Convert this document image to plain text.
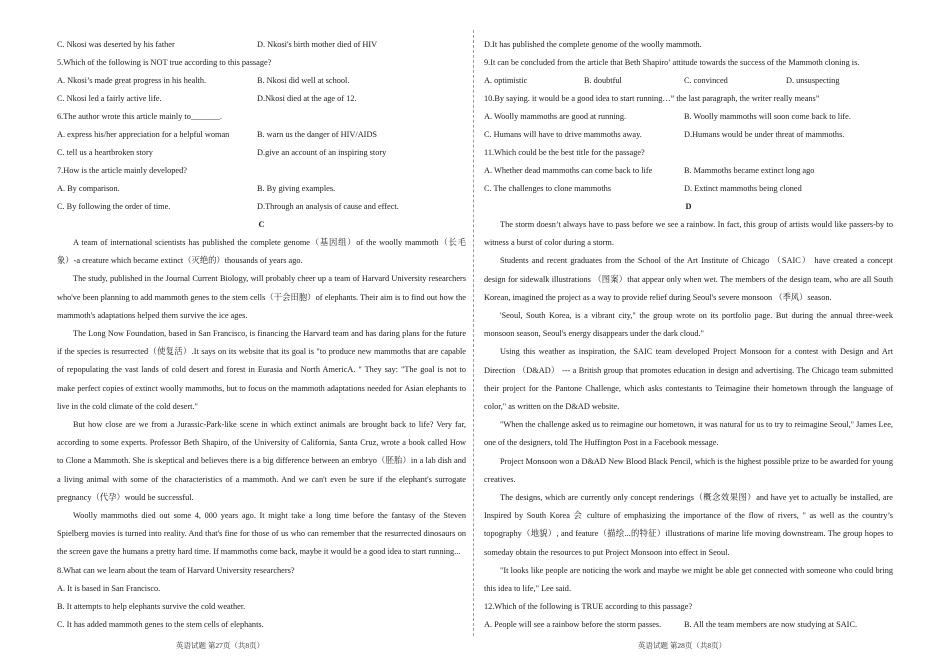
C. Nkosi was deserted by his father	D. Nkosi's birth mother died of HIV
5.Which of the following is NOT true according to this passage?
A. Nkosi’s made great progress in his health.	B. Nkosi did well at school.
C. Nkosi led a fairly active life.	D.Nkosi died at the age of 12.
6.The author wrote this article mainly to_______.
A. express his/her appreciation for a helpful woman	B. warn us the danger of HIV/AIDS
C. tell us a heartbroken story	D.give an account of an inspiring story
7.How is the article mainly developed?
A. By comparison.	B. By giving examples.
C. By following the order of time.	D.Through an analysis of cause and effect.
C
A team of international scientists has published the complete genome（基因组）of the woolly mammoth（长毛象）-a creature which became extinct（灭绝的）thousands of years ago.
The study, published in the Journal Current Biology, will probably cheer up a team of Harvard University researchers who've been planning to add mammoth genes to the stem cells（干会田胞）of elephants. Their aim is to find out how the mammoth's adaptations helped them survive the ice ages.
The Long Now Foundation, based in San Francisco, is financing the Harvard team and has daring plans for the future if the species is resurrected（使复活）.It says on its website that its goal is "to produce new mammoths that are capable of repopulating the vast lands of cold desert and forest in Eurasia and North AmericA. " They say: "The goal is not to make perfect copies of extinct woolly mammoths, but to focus on the mammoth adaptations needed for Asian elephants to live in the cold climate of the cold desert."
But how close are we from a Jurassic-Park-like scene in which extinct animals are brought back to life? Very far, according to some experts. Professor Beth Shapiro, of the University of California, Santa Cruz, wrote a book called How to Clone a Mammoth. She is skeptical and believes there is a big difference between an embryo（胚胎）in a lab dish and a living animal with some of the characteristics of a mammoth. And we can't even be sure if the elephant's surrogate pregnancy（代孕）would be successful.
Woolly mammoths died out some 4, 000 years ago. It might take a long time before the fantasy of the Steven Spielberg movies is turned into reality. And that's fine for those of us who can remember that the resurrected dinosaurs on the screen gave the humans a pretty hard time. If mammoths come back, maybe it would be a good idea to start running...
8.What can we learn about the team of Harvard University researchers?
A. It is based in San Francisco.
B. It attempts to help elephants survive the cold weather.
C. It has added mammoth genes to the stem cells of elephants.
D.It has published the complete genome of the woolly mammoth.
9.It can be concluded from the article that Beth Shapiro’ attitude towards the success of the Mammoth cloning is.
A. optimistic	B. doubtful	C. convinced	D. unsuspecting
10.By saying. it would be a good idea to start running…” the last paragraph, the writer really means”
A. Woolly mammoths are good at running.	B. Woolly mammoths will soon come back to life.
C. Humans will have to drive mammoths away.	D.Humans would be under threat of mammoths.
11.Which could be the best title for the passage?
A. Whether dead mammoths can come back to life	B. Mammoths became extinct long ago
C. The challenges to clone mammoths	D. Extinct mammoths being cloned
D
The storm doesn’t always have to pass before we see a rainbow. In fact, this group of artists would like passers-by to witness a burst of color during a storm.
Students and recent graduates from the School of the Art Institute of Chicago （SAIC） have created a concept design for sidewalk illustrations （图案）that appear only when wet. The members of the design team, who are all South Korean, imagined the project as a way to provide relief during Seoul's severe monsoon （季风）season.
'Seoul, South Korea, is a vibrant city," the group wrote on its portfolio page. But during the annual three-week monsoon season, Seoul's energy disappears under the dark cloud."
Using this weather as inspiration, the SAIC team developed Project Monsoon for a contest with Design and Art Direction （D&AD） --- a British group that promotes education in design and advertising. The Chicago team submitted their project for the Pantone Challenge, which asks contestants to Teimagine their hometown through the language of color," as written on the D&AD website.
"When the challenge asked us to reimagine our hometown, it was natural for us to try to reimagine Seoul," James Lee, one of the designers, told The Huffington Post in a Facebook message.
Project Monsoon won a D&AD New Blood Black Pencil, which is the highest possible prize to be awarded for young creatives.
The designs, which are currently only concept renderings（概念效果图）and have yet to actually be installed, are Inspired by South Korea 会 culture of emphasizing the importance of the flow of rivers, " as well as the country’s topography（地貌）, and feature（描绘...的特征）illustrations of marine life moving downstream. The group hopes to someday obtain the resources to put Project Monsoon into effect in Seoul.
"It looks like people are noticing the work and maybe we might be able get connected with someone who could bring this idea to life," Lee said.
12.Which of the following is TRUE according to this passage?
A. People will see a rainbow before the storm passes.	B. All the team members are now studying at SAIC.
英语试题 第27页（共8页）	英语试题 第28页（共8页）
